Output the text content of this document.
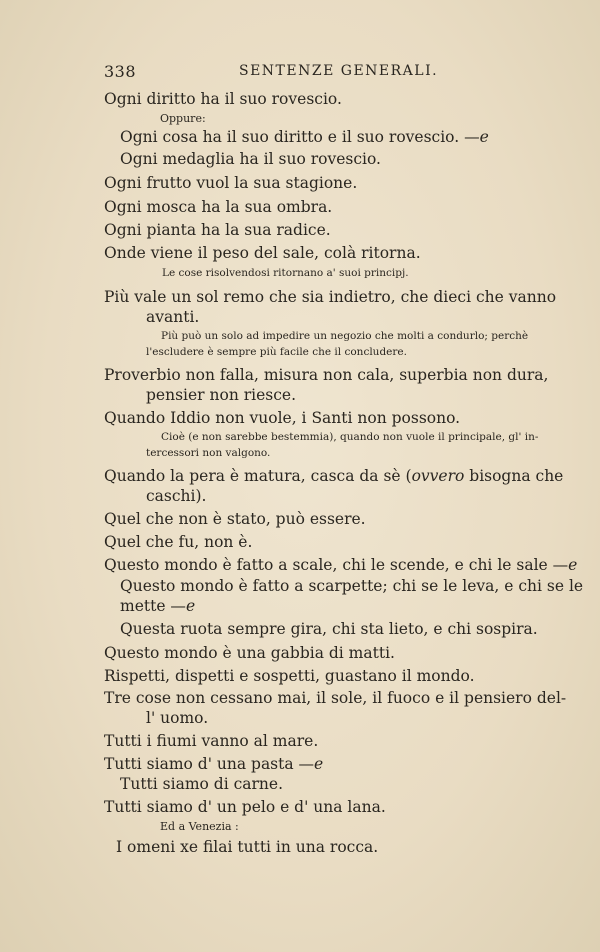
338	SENTENZE GENERALI.
Ogni diritto ha il suo rovescio.
Oppure:
Ogni cosa ha il suo diritto e il suo rovescio. —e
Ogni medaglia ha il suo rovescio.
Ogni frutto vuol la sua stagione.
Ogni mosca ha la sua ombra.
Ogni pianta ha la sua radice.
Onde viene il peso del sale, colà ritorna.
Le cose risolvendosi ritornano a' suoi principj.
Più vale un sol remo che sia indietro, che dieci che vanno
avanti.
Più può un solo ad impedire un negozio che molti a condurlo; perchè
l'escludere è sempre più facile che il concludere.
Proverbio non falla, misura non cala, superbia non dura,
pensier non riesce.
Quando Iddio non vuole, i Santi non possono.
Cioè (e non sarebbe bestemmia), quando non vuole il principale, gl' in-
tercessori non valgono.
Quando la pera è matura, casca da sè (ovvero bisogna che
caschi).
Quel che non è stato, può essere.
Quel che fu, non è.
Questo mondo è fatto a scale, chi le scende, e chi le sale —e
Questo mondo è fatto a scarpette; chi se le leva, e chi se le
mette —e
Questa ruota sempre gira, chi sta lieto, e chi sospira.
Questo mondo è una gabbia di matti.
Rispetti, dispetti e sospetti, guastano il mondo.
Tre cose non cessano mai, il sole, il fuoco e il pensiero del-
l' uomo.
Tutti i fiumi vanno al mare.
Tutti siamo d' una pasta —e
Tutti siamo di carne.
Tutti siamo d' un pelo e d' una lana.
Ed a Venezia :
I omeni xe filai tutti in una rocca.
